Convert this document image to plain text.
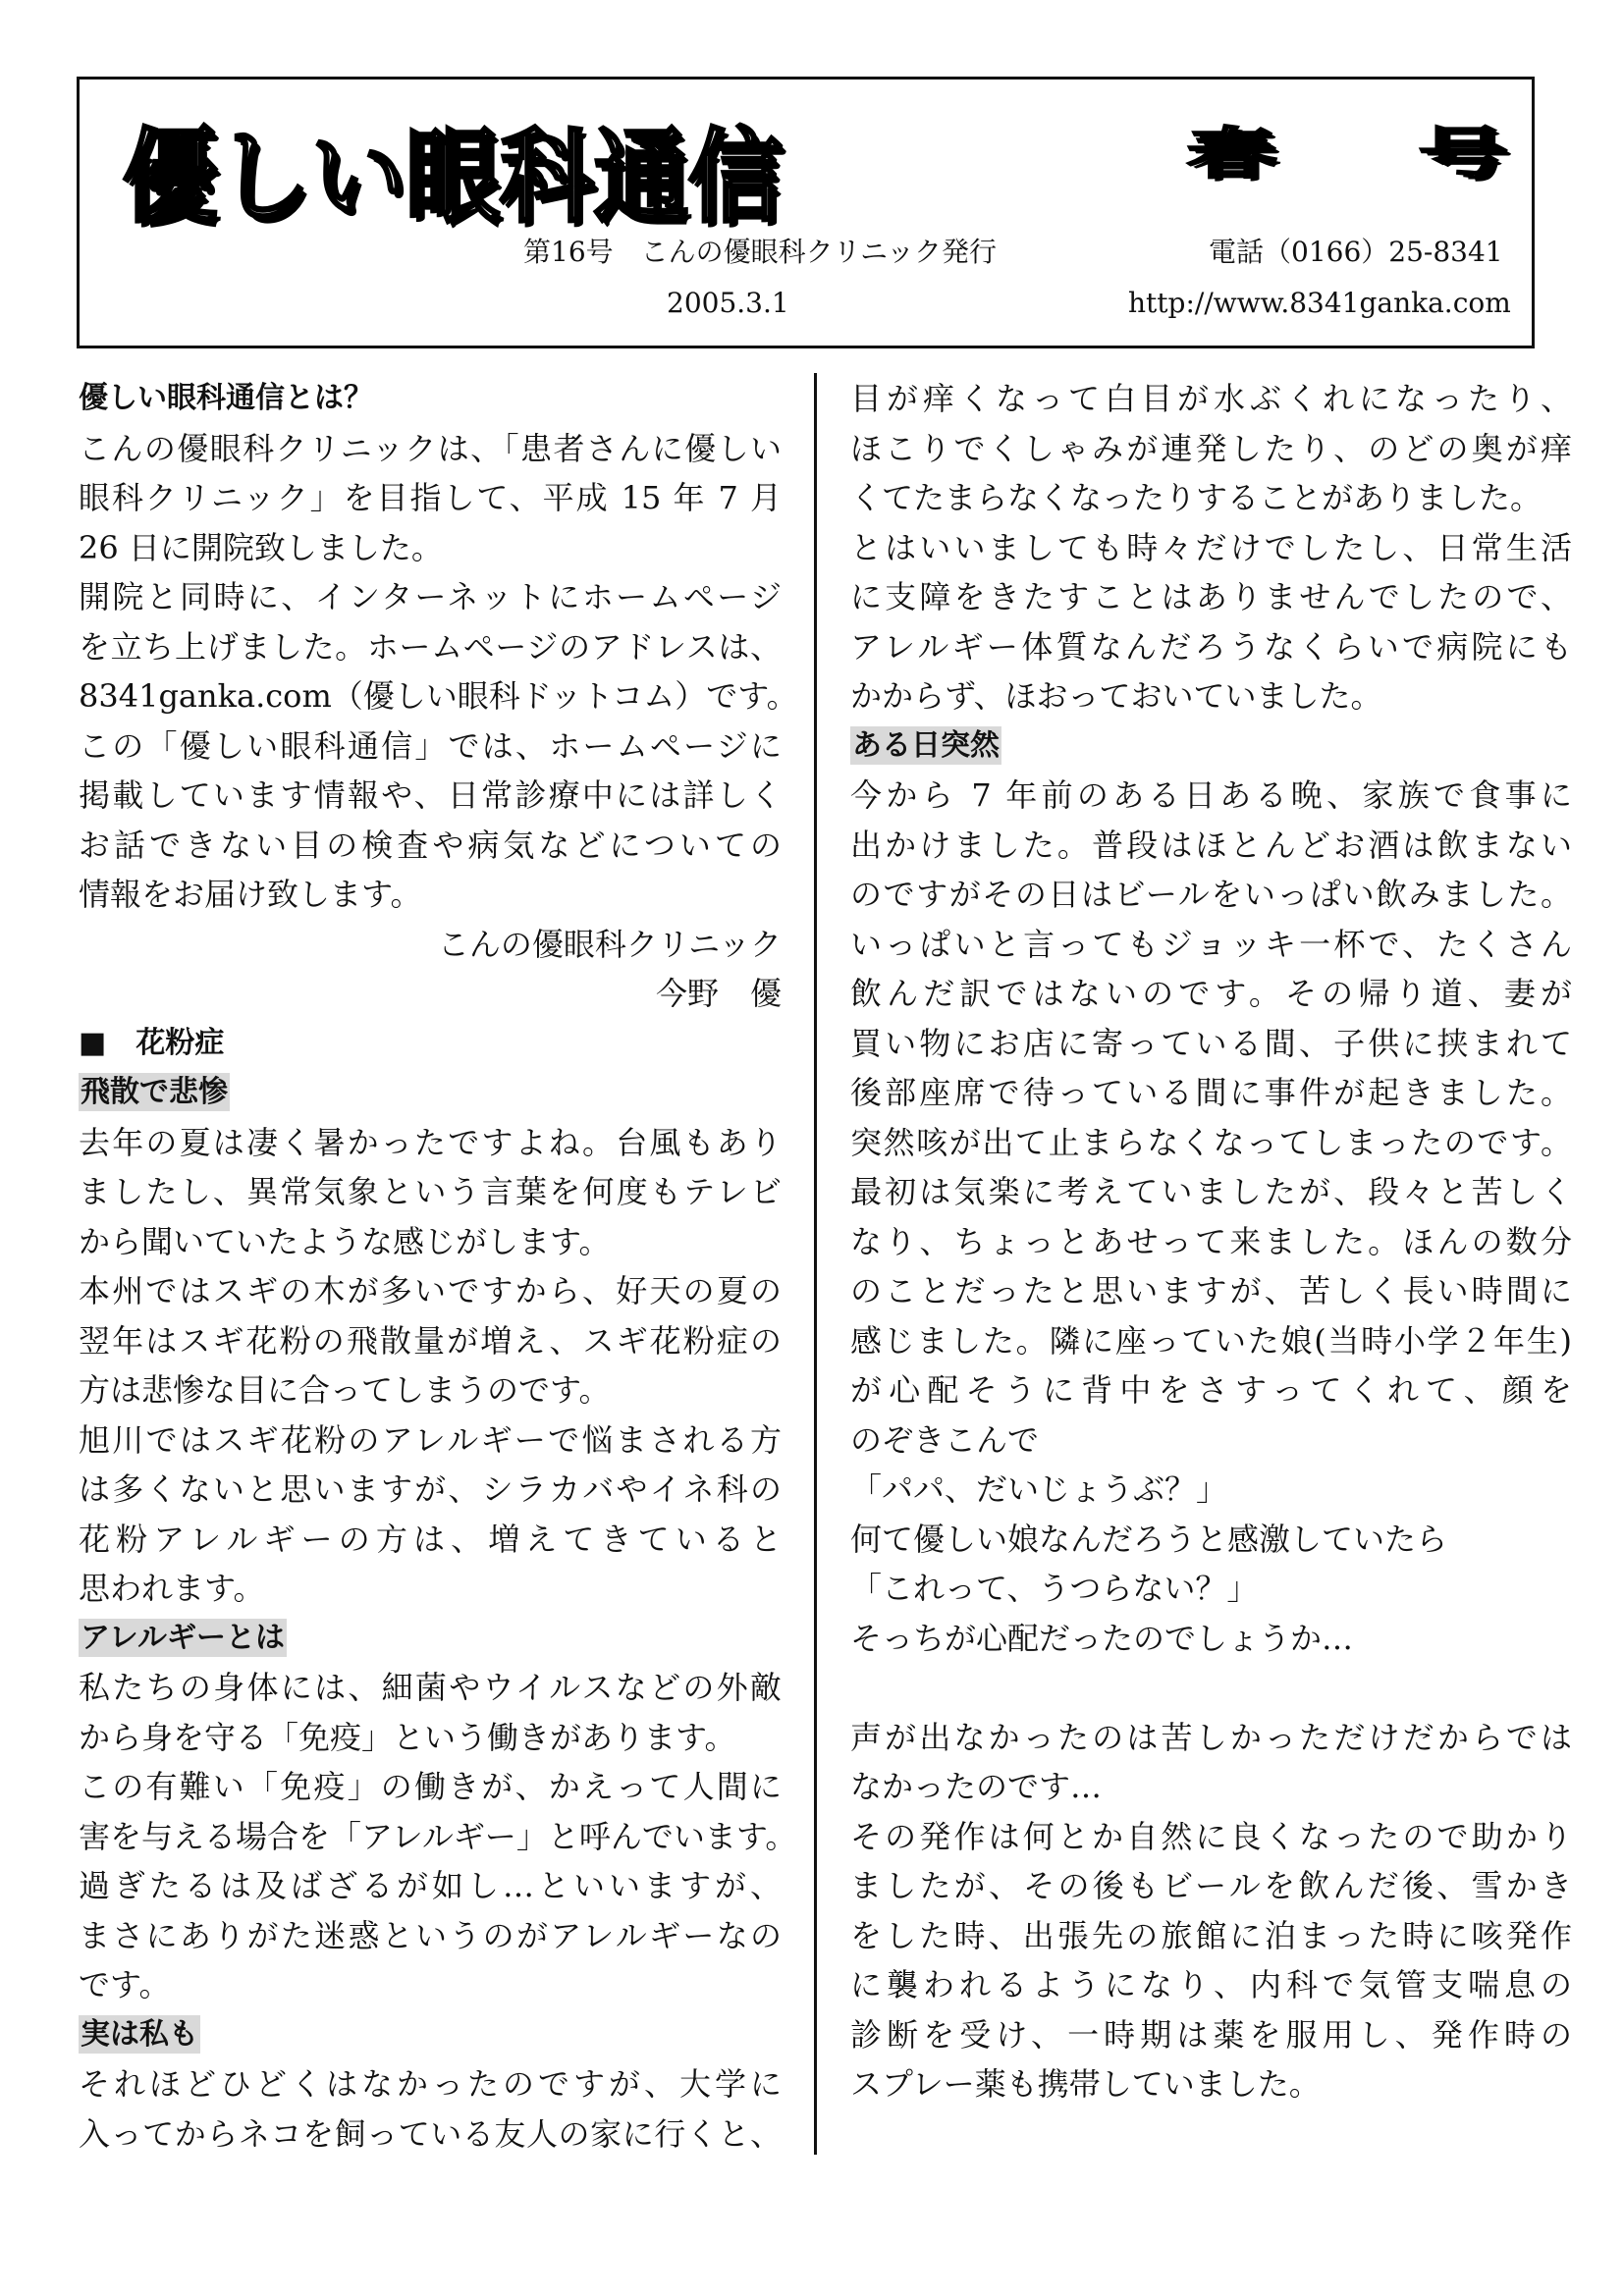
優しい眼科通信	春 号
第16号　こんの優眼科クリニック発行	電話（0166）25-8341
2005.3.1	http://www.8341ganka.com
優しい眼科通信とは？
こんの優眼科クリニックは、「患者さんに優しい
眼科クリニック」を目指して、平成 15 年 7 月
26 日に開院致しました。
開院と同時に、インターネットにホームページ
を立ち上げました。ホームページのアドレスは、
8341ganka.com（優しい眼科ドットコム）です。
この「優しい眼科通信」では、ホームページに
掲載しています情報や、日常診療中には詳しく
お話できない目の検査や病気などについての
情報をお届け致します。
こんの優眼科クリニック
今野　優
■　花粉症
飛散で悲惨
去年の夏は凄く暑かったですよね。台風もあり
ましたし、異常気象という言葉を何度もテレビ
から聞いていたような感じがします。
本州ではスギの木が多いですから、好天の夏の
翌年はスギ花粉の飛散量が増え、スギ花粉症の
方は悲惨な目に合ってしまうのです。
旭川ではスギ花粉のアレルギーで悩まされる方
は多くないと思いますが、シラカバやイネ科の
花粉アレルギーの方は、増えてきていると
思われます。
アレルギーとは
私たちの身体には、細菌やウイルスなどの外敵
から身を守る「免疫」という働きがあります。
この有難い「免疫」の働きが、かえって人間に
害を与える場合を「アレルギー」と呼んでいます。
過ぎたるは及ばざるが如し…といいますが、
まさにありがた迷惑というのがアレルギーなの
です。
実は私も
それほどひどくはなかったのですが、大学に
入ってからネコを飼っている友人の家に行くと、
目が痒くなって白目が水ぶくれになったり、
ほこりでくしゃみが連発したり、のどの奥が痒
くてたまらなくなったりすることがありました。
とはいいましても時々だけでしたし、日常生活
に支障をきたすことはありませんでしたので、
アレルギー体質なんだろうなくらいで病院にも
かからず、ほおっておいていました。
ある日突然
今から 7 年前のある日ある晩、家族で食事に
出かけました。普段はほとんどお酒は飲まない
のですがその日はビールをいっぱい飲みました。
いっぱいと言ってもジョッキ一杯で、たくさん
飲んだ訳ではないのです。その帰り道、妻が
買い物にお店に寄っている間、子供に挟まれて
後部座席で待っている間に事件が起きました。
突然咳が出て止まらなくなってしまったのです。
最初は気楽に考えていましたが、段々と苦しく
なり、ちょっとあせって来ました。ほんの数分
のことだったと思いますが、苦しく長い時間に
感じました。隣に座っていた娘(当時小学２年生)
が心配そうに背中をさすってくれて、顔を
のぞきこんで
「パパ、だいじょうぶ？」
何て優しい娘なんだろうと感激していたら
「これって、うつらない？」
そっちが心配だったのでしょうか…
声が出なかったのは苦しかっただけだからでは
なかったのです…
その発作は何とか自然に良くなったので助かり
ましたが、その後もビールを飲んだ後、雪かき
をした時、出張先の旅館に泊まった時に咳発作
に襲われるようになり、内科で気管支喘息の
診断を受け、一時期は薬を服用し、発作時の
スプレー薬も携帯していました。
